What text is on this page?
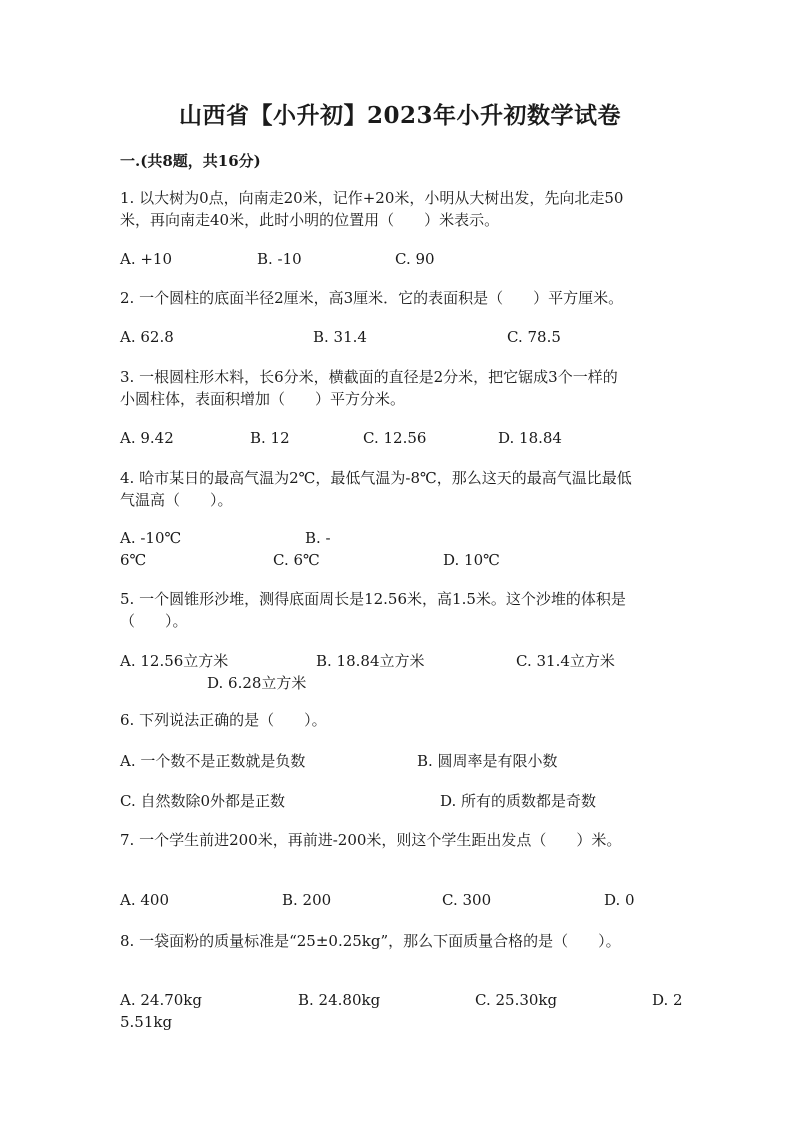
山西省【小升初】2023年小升初数学试卷
一.(共8题，共16分)
1. 以大树为0点，向南走20米，记作+20米，小明从大树出发，先向北走50
米，再向南走40米，此时小明的位置用（　　）米表示。
A. +10	B. -10	C. 90
2. 一个圆柱的底面半径2厘米，高3厘米．它的表面积是（　　）平方厘米。
A. 62.8	B. 31.4	C. 78.5
3. 一根圆柱形木料，长6分米，横截面的直径是2分米，把它锯成3个一样的
小圆柱体，表面积增加（　　）平方分米。
A. 9.42	B. 12	C. 12.56	D. 18.84
4. 哈市某日的最高气温为2℃，最低气温为-8℃，那么这天的最高气温比最低
气温高（　　）。
A. -10℃	B. -
6℃	C. 6℃	D. 10℃
5. 一个圆锥形沙堆，测得底面周长是12.56米，高1.5米。这个沙堆的体积是
（　　）。
A. 12.56立方米	B. 18.84立方米	C. 31.4立方米
D. 6.28立方米
6. 下列说法正确的是（　　）。
A. 一个数不是正数就是负数	B. 圆周率是有限小数
C. 自然数除0外都是正数	D. 所有的质数都是奇数
7. 一个学生前进200米，再前进-200米，则这个学生距出发点（　　）米。
A. 400	B. 200	C. 300	D. 0
8. 一袋面粉的质量标准是“25±0.25kg”，那么下面质量合格的是（　　）。
A. 24.70kg	B. 24.80kg	C. 25.30kg	D. 2
5.51kg
